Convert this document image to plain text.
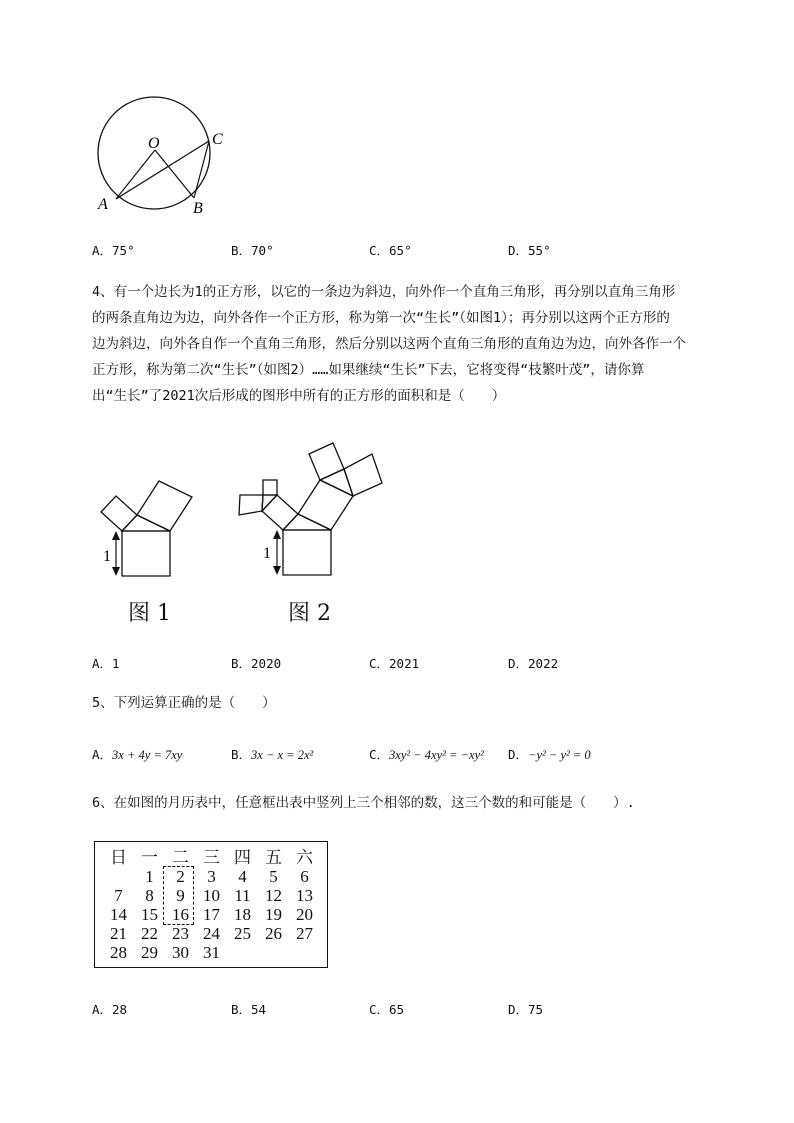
O
A	B
C
A．75°	B．70°	C．65°	D．55°
4、有一个边长为1的正方形，以它的一条边为斜边，向外作一个直角三角形，再分别以直角三角形
的两条直角边为边，向外各作一个正方形，称为第一次“生长”（如图1）；再分别以这两个正方形的
边为斜边，向外各自作一个直角三角形，然后分别以这两个直角三角形的直角边为边，向外各作一个
正方形，称为第二次“生长”（如图2）……如果继续“生长”下去，它将变得“枝繁叶茂”，请你算
出“生长”了2021次后形成的图形中所有的正方形的面积和是（　　）
1	1
图 1	图 2
A．1	B．2020	C．2021	D．2022
5、下列运算正确的是（　　）
A．3x + 4y = 7xy	B．3x − x = 2x²	C．3xy² − 4xy² = −xy² D．−y² − y² = 0
6、在如图的月历表中，任意框出表中竖列上三个相邻的数，这三个数的和可能是（　　）.
日	一	二	三	四	五	六
	1	2	3	4	5	6
7	8	9	10	11	12	13
14	15	16	17	18	19	20
21	22	23	24	25	26	27
28	29	30	31			
A．28	B．54	C．65	D．75
